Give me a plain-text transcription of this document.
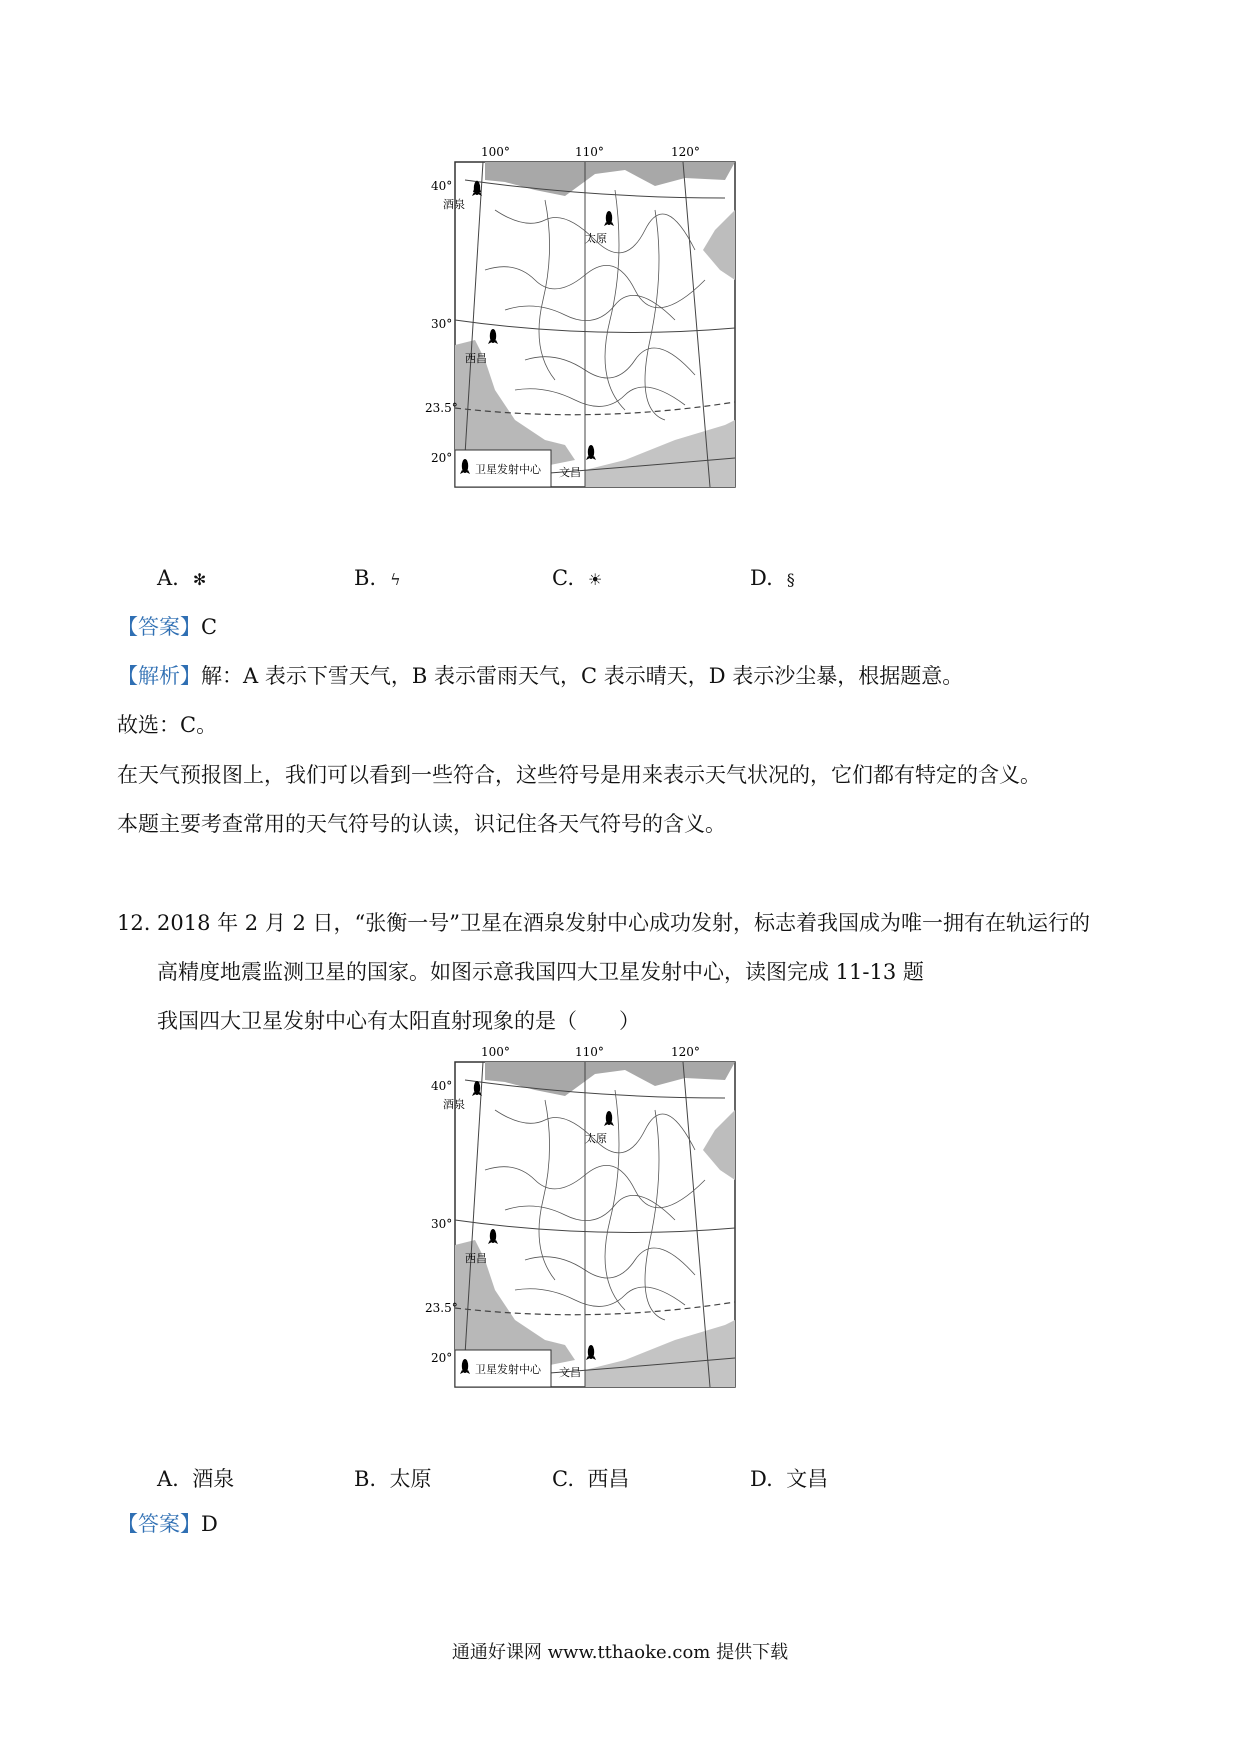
100°	110°	120°
40°
30°
23.5°
20°
酒泉
太原
西昌
文昌
卫星发射中心
A. ✻	B. ϟ	C. ☀	D. §
【答案】C
【解析】解：A 表示下雪天气，B 表示雷雨天气，C 表示晴天，D 表示沙尘暴，根据题意。
故选：C。
在天气预报图上，我们可以看到一些符合，这些符号是用来表示天气状况的，它们都有特定的含义。
本题主要考查常用的天气符号的认读，识记住各天气符号的含义。
12. 2018 年 2 月 2 日，“张衡一号”卫星在酒泉发射中心成功发射，标志着我国成为唯一拥有在轨运行的
高精度地震监测卫星的国家。如图示意我国四大卫星发射中心，读图完成 11-13 题
我国四大卫星发射中心有太阳直射现象的是（　　）
100°	110°	120°
40°
30°
23.5°
20°
酒泉
太原
西昌
文昌
卫星发射中心
A. 酒泉	B. 太原	C. 西昌	D. 文昌
【答案】D
通通好课网 www.tthaoke.com 提供下载
